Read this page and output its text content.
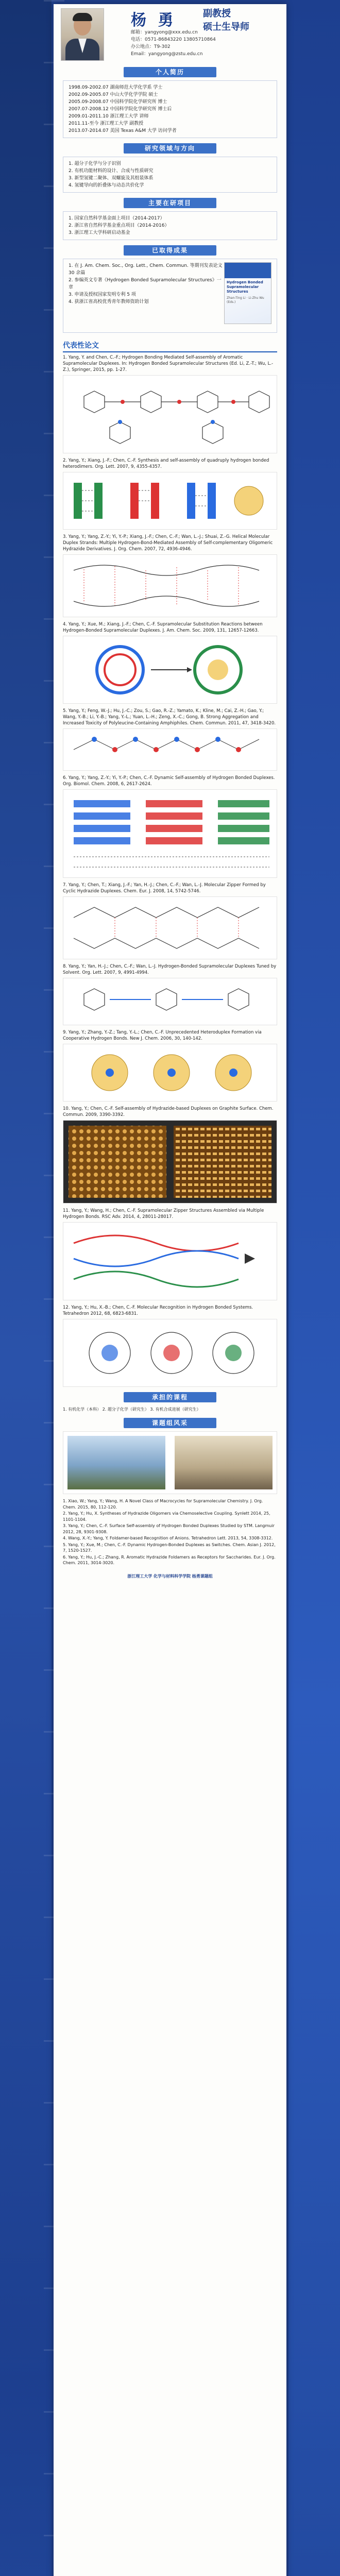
杨 勇	副教授
硕士生导师
邮箱：yangyong@xxx.edu.cn
电话：0571-86843220 13805710864
办公地点：T9-302
Email：yangyong@zstu.edu.cn
个人简历
1998.09-2002.07 湖南师范大学化学系 学士
2002.09-2005.07 中山大学化学学院 硕士
2005.09-2008.07 中国科学院化学研究所 博士
2007.07-2008.12 中国科学院化学研究所 博士后
2009.01-2011.10 浙江理工大学 讲师
2011.11-至今 浙江理工大学 副教授
2013.07-2014.07 美国 Texas A&M 大学 访问学者
研究领域与方向
1. 超分子化学与分子识别
2. 有机功能材料的设计、合成与性质研究
3. 新型氢键二聚体、双螺旋及其组装体系
4. 氢键导向的折叠体与动态共价化学
主要在研项目
1. 国家自然科学基金面上项目（2014-2017）
2. 浙江省自然科学基金重点项目（2014-2016）
3. 浙江理工大学科研启动基金
已取得成果
1. 在 J. Am. Chem. Soc., Org. Lett., Chem. Commun. 等期刊发表论文 30 余篇
2. 参编英文专著《Hydrogen Bonded Supramolecular Structures》一章
3. 申请及授权国家发明专利 5 项
4. 获浙江省高校优秀青年教师资助计划
Hydrogen Bonded Supramolecular Structures
Zhan-Ting Li · Li-Zhu Wu (Eds.)
代表性论文
1. Yang, Y. and Chen, C.-F.; Hydrogen Bonding Mediated Self-assembly of Aromatic Supramolecular Duplexes. In: Hydrogen Bonded Supramolecular Structures (Ed. Li, Z.-T.; Wu, L.-Z.), Springer, 2015, pp. 1-27.
2. Yang, Y.; Xiang, J.-F.; Chen, C.-F. Synthesis and self-assembly of quadruply hydrogen bonded heterodimers. Org. Lett. 2007, 9, 4355-4357.
3. Yang, Y.; Yang, Z.-Y.; Yi, Y.-P.; Xiang, J.-F.; Chen, C.-F.; Wan, L.-J.; Shuai, Z.-G. Helical Molecular Duplex Strands: Multiple Hydrogen-Bond-Mediated Assembly of Self-complementary Oligomeric Hydrazide Derivatives. J. Org. Chem. 2007, 72, 4936-4946.
4. Yang, Y.; Xue, M.; Xiang, J.-F.; Chen, C.-F. Supramolecular Substitution Reactions between Hydrogen-Bonded Supramolecular Duplexes. J. Am. Chem. Soc. 2009, 131, 12657-12663.
5. Yang, Y.; Feng, W.-J.; Hu, J.-C.; Zou, S.; Gao, R.-Z.; Yamato, K.; Kline, M.; Cai, Z.-H.; Gao, Y.; Wang, Y.-B.; Li, Y.-B.; Yang, Y.-L.; Yuan, L.-H.; Zeng, X.-C.; Gong, B. Strong Aggregation and Increased Toxicity of Polyleucine-Containing Amphiphiles. Chem. Commun. 2011, 47, 3418-3420.
6. Yang, Y.; Yang, Z.-Y.; Yi, Y.-P.; Chen, C.-F. Dynamic Self-assembly of Hydrogen Bonded Duplexes. Org. Biomol. Chem. 2008, 6, 2617-2624.
7. Yang, Y.; Chen, T.; Xiang, J.-F.; Yan, H.-J.; Chen, C.-F.; Wan, L.-J. Molecular Zipper Formed by Cyclic Hydrazide Duplexes. Chem. Eur. J. 2008, 14, 5742-5746.
8. Yang, Y.; Yan, H.-J.; Chen, C.-F.; Wan, L.-J. Hydrogen-Bonded Supramolecular Duplexes Tuned by Solvent. Org. Lett. 2007, 9, 4991-4994.
9. Yang, Y.; Zhang, Y.-Z.; Tang, Y.-L.; Chen, C.-F. Unprecedented Heteroduplex Formation via Cooperative Hydrogen Bonds. New J. Chem. 2006, 30, 140-142.
10. Yang, Y.; Chen, C.-F. Self-assembly of Hydrazide-based Duplexes on Graphite Surface. Chem. Commun. 2009, 3390-3392.
11. Yang, Y.; Wang, H.; Chen, C.-F. Supramolecular Zipper Structures Assembled via Multiple Hydrogen Bonds. RSC Adv. 2014, 4, 28011-28017.
12. Yang, Y.; Hu, X.-B.; Chen, C.-F. Molecular Recognition in Hydrogen Bonded Systems. Tetrahedron 2012, 68, 6823-6831.
承担的课程
1. 有机化学（本科） 2. 超分子化学（研究生） 3. 有机合成进展（研究生）
课题组风采
1. Xiao, W.; Yang, Y.; Wang, H. A Novel Class of Macrocycles for Supramolecular Chemistry. J. Org. Chem. 2015, 80, 112-120.
2. Yang, Y.; Hu, X. Syntheses of Hydrazide Oligomers via Chemoselective Coupling. Synlett 2014, 25, 1101-1104.
3. Yang, Y.; Chen, C.-F. Surface Self-assembly of Hydrogen Bonded Duplexes Studied by STM. Langmuir 2012, 28, 9301-9308.
4. Wang, X.-Y.; Yang, Y. Foldamer-based Recognition of Anions. Tetrahedron Lett. 2013, 54, 3308-3312.
5. Yang, Y.; Xue, M.; Chen, C.-F. Dynamic Hydrogen-Bonded Duplexes as Switches. Chem. Asian J. 2012, 7, 1520-1527.
6. Yang, Y.; Hu, J.-C.; Zhang, R. Aromatic Hydrazide Foldamers as Receptors for Saccharides. Eur. J. Org. Chem. 2011, 3014-3020.
浙江理工大学 化学与材料科学学院 杨勇课题组
